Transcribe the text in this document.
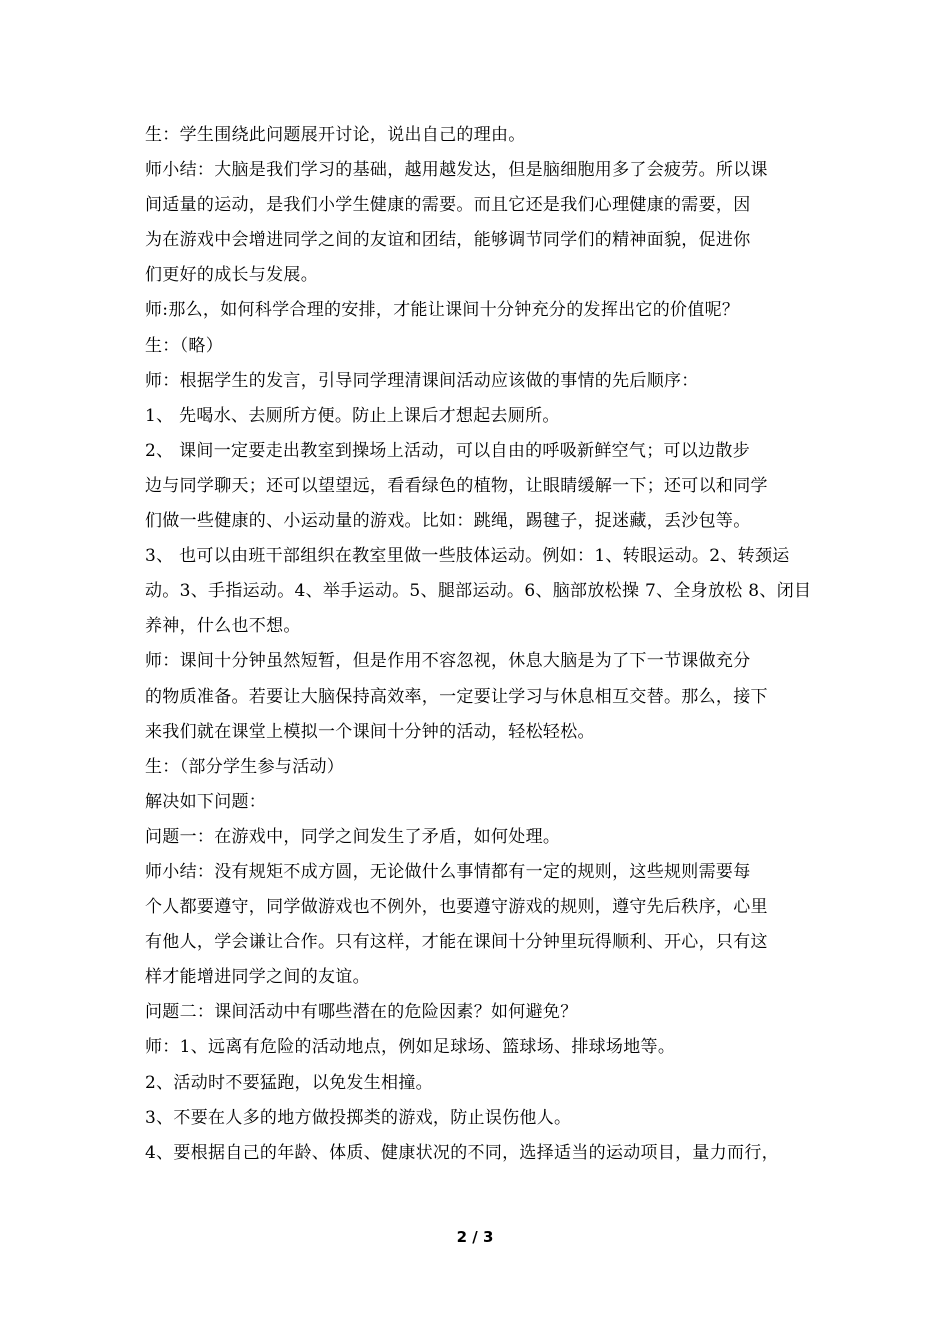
生：学生围绕此问题展开讨论，说出自己的理由。
师小结：大脑是我们学习的基础，越用越发达，但是脑细胞用多了会疲劳。所以课
间适量的运动，是我们小学生健康的需要。而且它还是我们心理健康的需要，因
为在游戏中会增进同学之间的友谊和团结，能够调节同学们的精神面貌，促进你
们更好的成长与发展。
师:那么，如何科学合理的安排，才能让课间十分钟充分的发挥出它的价值呢？
生：（略）
师：根据学生的发言，引导同学理清课间活动应该做的事情的先后顺序：
1、 先喝水、去厕所方便。防止上课后才想起去厕所。
2、 课间一定要走出教室到操场上活动，可以自由的呼吸新鲜空气；可以边散步
边与同学聊天；还可以望望远，看看绿色的植物，让眼睛缓解一下；还可以和同学
们做一些健康的、小运动量的游戏。比如：跳绳，踢毽子，捉迷藏，丢沙包等。
3、 也可以由班干部组织在教室里做一些肢体运动。例如：1、转眼运动。2、转颈运
动。3、手指运动。4、举手运动。5、腿部运动。6、脑部放松操 7、全身放松 8、闭目
养神，什么也不想。
师：课间十分钟虽然短暂，但是作用不容忽视，休息大脑是为了下一节课做充分
的物质准备。若要让大脑保持高效率，一定要让学习与休息相互交替。那么，接下
来我们就在课堂上模拟一个课间十分钟的活动，轻松轻松。
生：（部分学生参与活动）
解决如下问题：
问题一：在游戏中，同学之间发生了矛盾，如何处理。
师小结：没有规矩不成方圆，无论做什么事情都有一定的规则，这些规则需要每
个人都要遵守，同学做游戏也不例外，也要遵守游戏的规则，遵守先后秩序，心里
有他人，学会谦让合作。只有这样，才能在课间十分钟里玩得顺利、开心，只有这
样才能增进同学之间的友谊。
问题二：课间活动中有哪些潜在的危险因素？如何避免？
师：1、远离有危险的活动地点，例如足球场、篮球场、排球场地等。
2、活动时不要猛跑，以免发生相撞。
3、不要在人多的地方做投掷类的游戏，防止误伤他人。
4、要根据自己的年龄、体质、健康状况的不同，选择适当的运动项目，量力而行，
2 / 3
